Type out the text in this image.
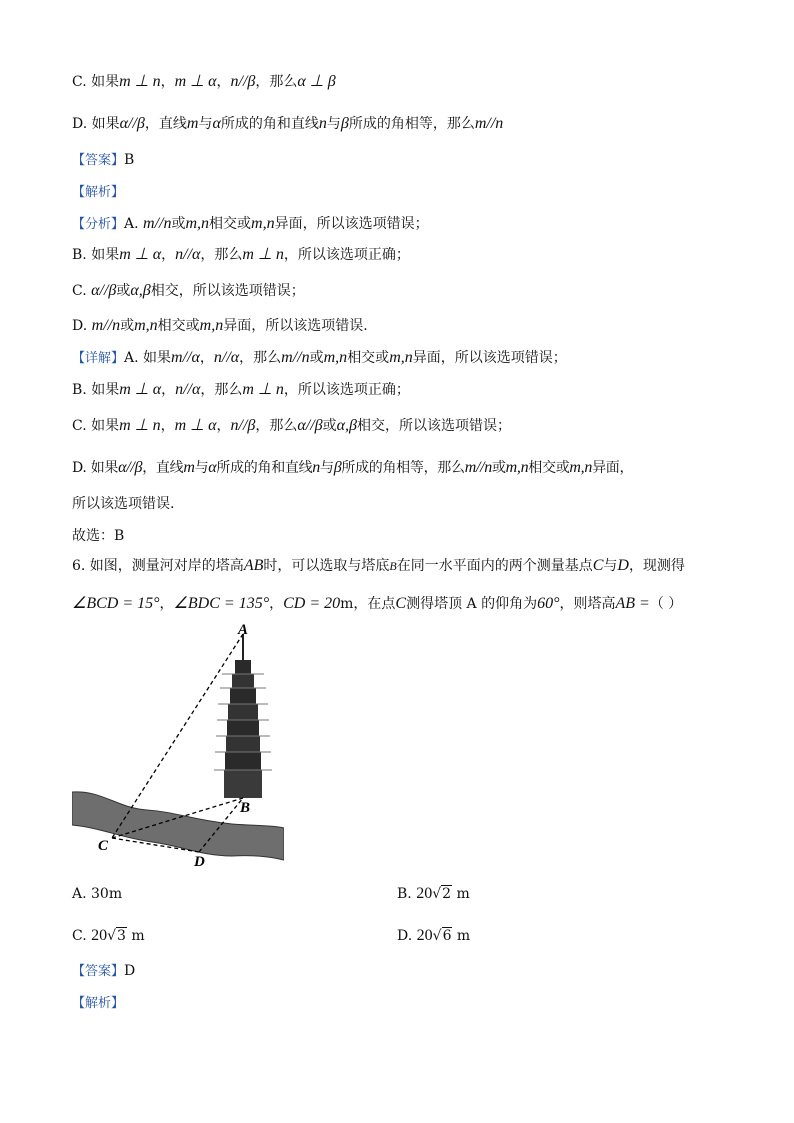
C. 如果m ⊥ n，m ⊥ α，n//β，那么α ⊥ β
D. 如果α//β，直线m与α所成的角和直线n与β所成的角相等，那么m//n
【答案】B
【解析】
【分析】A. m//n或m,n相交或m,n异面，所以该选项错误；
B. 如果m ⊥ α，n//α，那么m ⊥ n，所以该选项正确；
C. α//β或α,β相交，所以该选项错误；
D. m//n或m,n相交或m,n异面，所以该选项错误.
【详解】A. 如果m//α，n//α，那么m//n或m,n相交或m,n异面，所以该选项错误；
B. 如果m ⊥ α，n//α，那么m ⊥ n，所以该选项正确；
C. 如果m ⊥ n，m ⊥ α，n//β，那么α//β或α,β相交，所以该选项错误；
D. 如果α//β，直线m与α所成的角和直线n与β所成的角相等，那么m//n或m,n相交或m,n异面，
所以该选项错误.
故选：B
6. 如图，测量河对岸的塔高AB时，可以选取与塔底B在同一水平面内的两个测量基点C与D，现测得
∠BCD = 15°，∠BDC = 135°，CD = 20m，在点C测得塔顶 A 的仰角为60°，则塔高AB =（ ）
A
B
C
D
A. 30m	B. 20√2 m
C. 20√3 m	D. 20√6 m
【答案】D
【解析】
